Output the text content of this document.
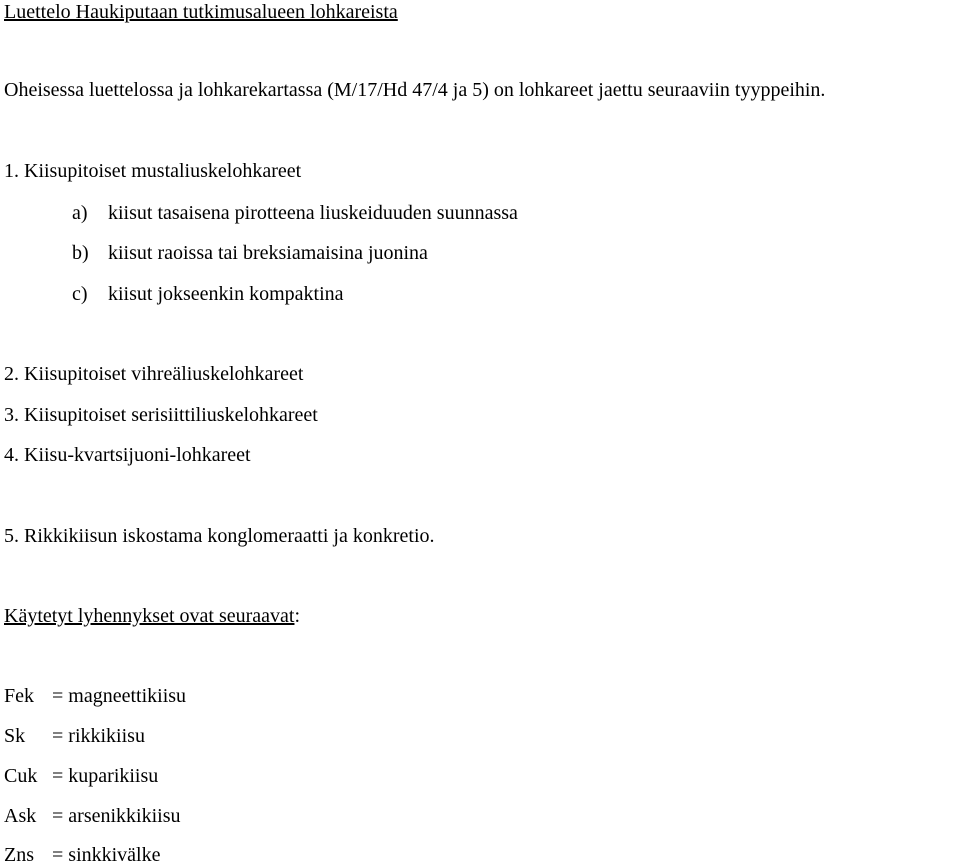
Luettelo Haukiputaan tutkimusalueen lohkareista
Oheisessa luettelossa ja lohkarekartassa (M/17/Hd 47/4 ja 5) on lohkareet jaettu seuraaviin tyyppeihin.
1. Kiisupitoiset mustaliuskelohkareet
a) kiisut tasaisena pirotteena liuskeiduuden suunnassa
b) kiisut raoissa tai breksiamaisina juonina
c) kiisut jokseenkin kompaktina
2. Kiisupitoiset vihreäliuskelohkareet
3. Kiisupitoiset serisiittiliuskelohkareet
4. Kiisu-kvartsijuoni-lohkareet
5. Rikkikiisun iskostama konglomeraatti ja konkretio.
Käytetyt lyhennykset ovat seuraavat:
Fek = magneettikiisu
Sk = rikkikiisu
Cuk = kuparikiisu
Ask = arsenikkikiisu
Zns = sinkkivälke
